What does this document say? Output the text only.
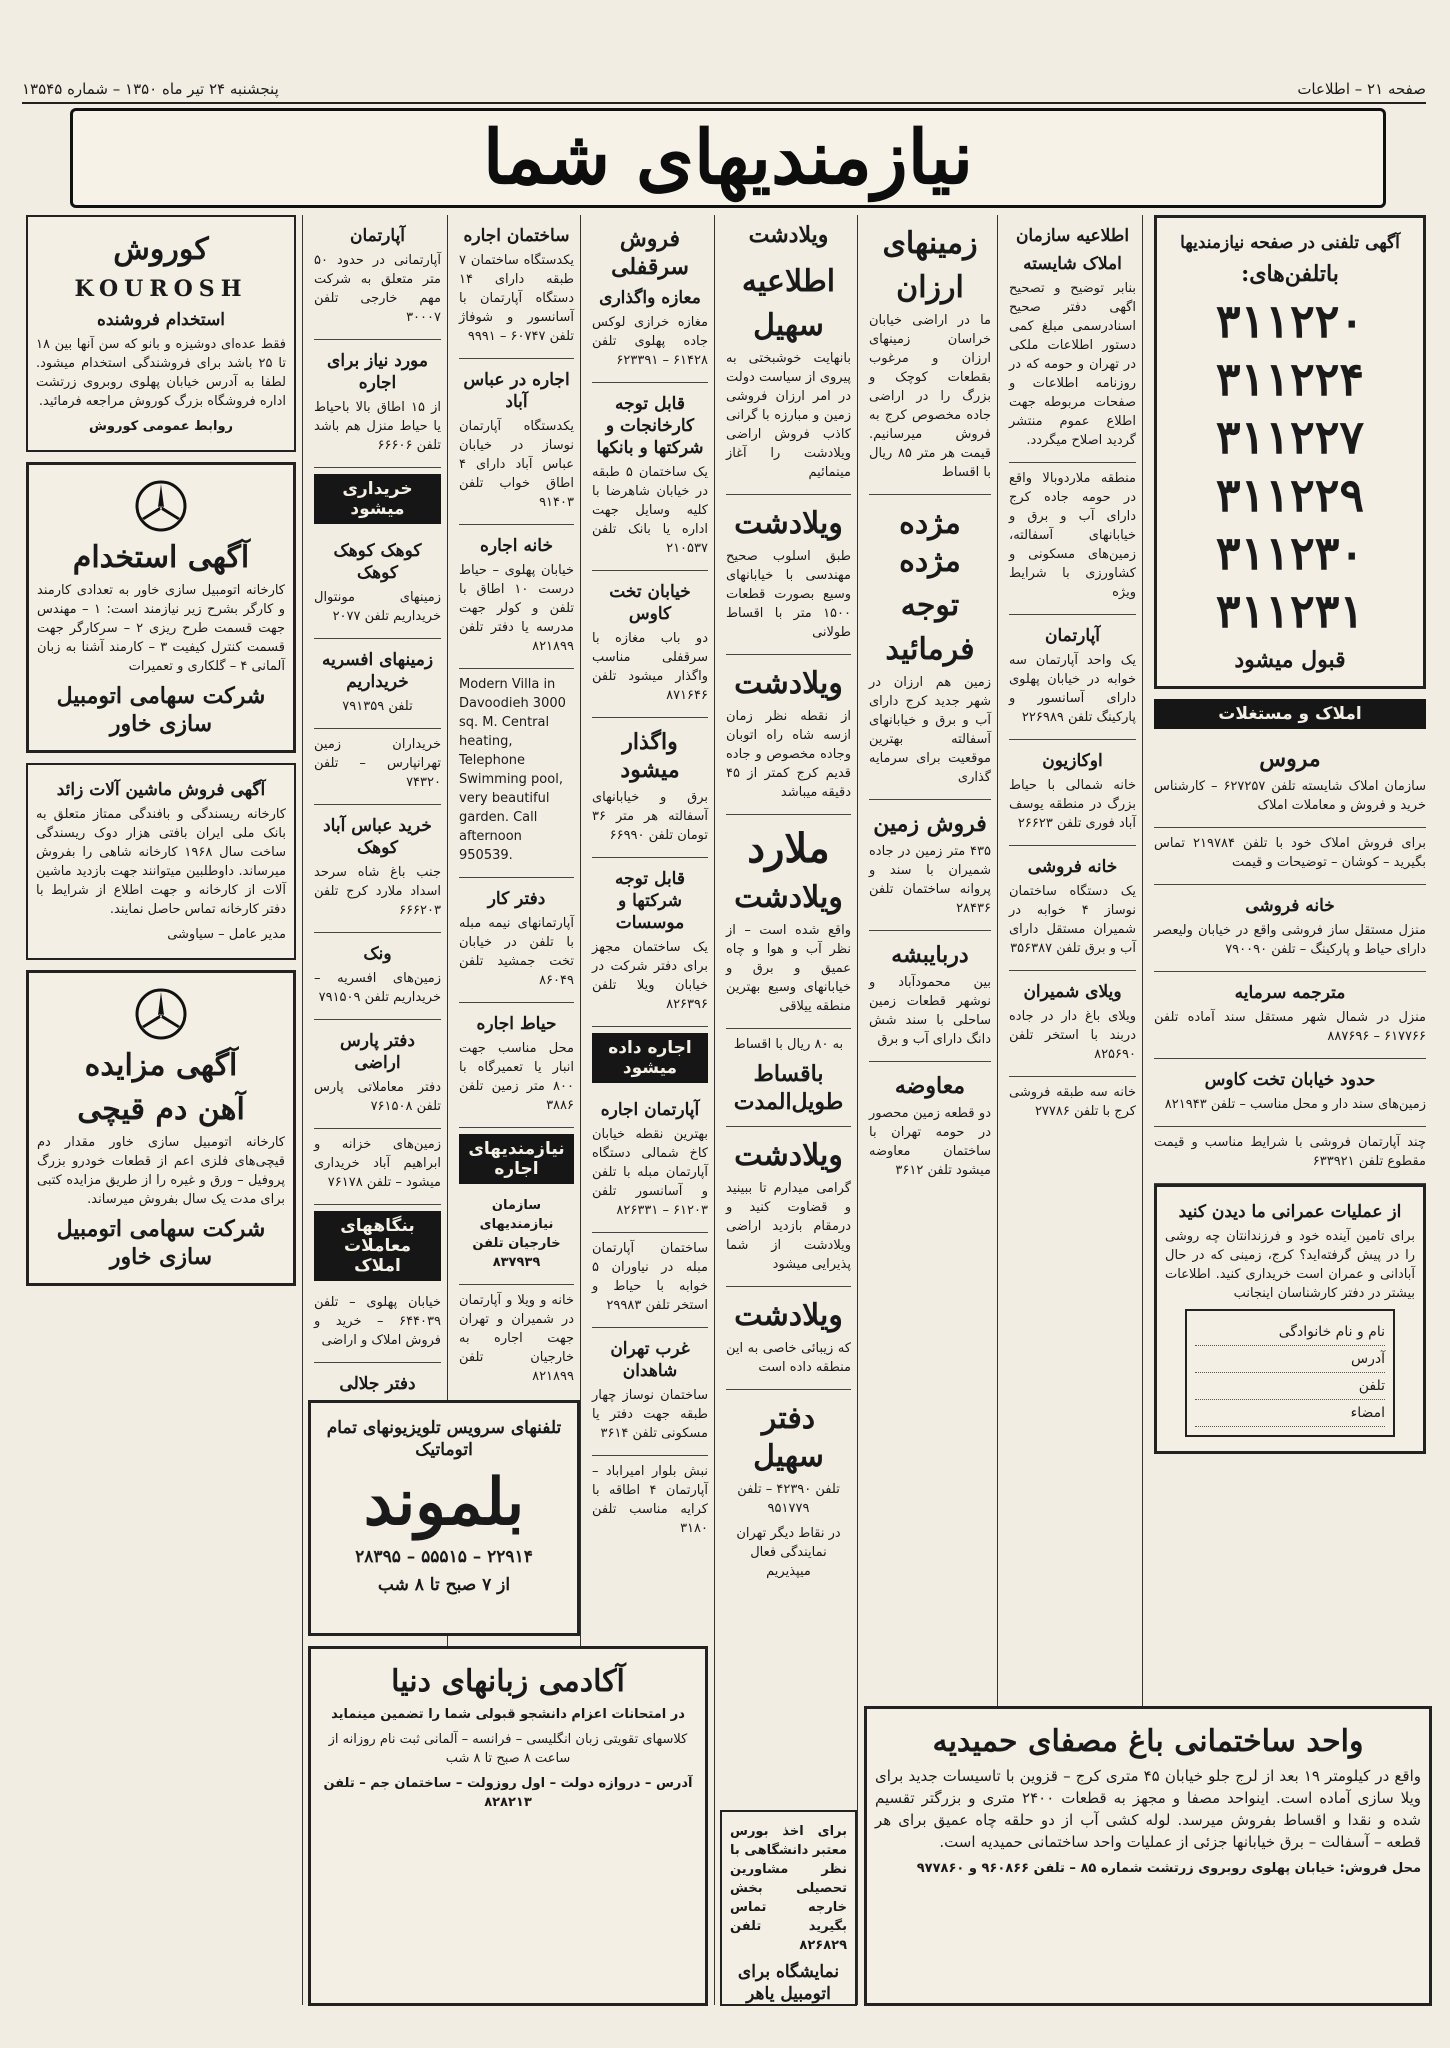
صفحه ۲۱ – اطلاعات
پنجشنبه ۲۴ تیر ماه ۱۳۵۰ – شماره ۱۳۵۴۵
نیازمندیهای شما
آگهی تلفنی در صفحه نیازمندیها
باتلفن‌های:
۳۱۱۲۲۰
۳۱۱۲۲۴
۳۱۱۲۲۷
۳۱۱۲۲۹
۳۱۱۲۳۰
۳۱۱۲۳۱
قبول میشود
املاک و مستغلات
مروس

سازمان املاک شایسته تلفن ۶۲۷۲۵۷ – کارشناس خرید و فروش و معاملات املاک

برای فروش املاک خود با تلفن ۲۱۹۷۸۴ تماس بگیرید – کوشان – توضیحات و قیمت

خانه فروشی

منزل مستقل ساز فروشی واقع در خیابان ولیعصر دارای حیاط و پارکینگ – تلفن ۷۹۰۰۹۰

مترجمه سرمایه

منزل در شمال شهر مستقل سند آماده تلفن ۶۱۷۷۶۶ – ۸۸۷۶۹۶

حدود خیابان تخت کاوس

زمین‌های سند دار و محل مناسب – تلفن ۸۲۱۹۴۳

چند آپارتمان فروشی با شرایط مناسب و قیمت مقطوع تلفن ۶۳۳۹۲۱

از عملیات عمرانی ما دیدن کنید

برای تامین آینده خود و فرزندانتان چه روشی را در پیش گرفته‌اید؟ کرج، زمینی که در حال آبادانی و عمران است خریداری کنید. اطلاعات بیشتر در دفتر کارشناسان اینجانب

نام و نام خانوادگی
آدرس
تلفن
امضاء
اطلاعیه سازمان
املاک شایسته

بنابر توضیح و تصحیح اگهی دفتر صحیح اسنادرسمی مبلغ کمی دستور اطلاعات ملکی در تهران و حومه که در روزنامه اطلاعات و صفحات مربوطه جهت اطلاع عموم منتشر گردید اصلاح میگردد.

منطقه ملاردوبالا واقع در حومه جاده کرج دارای آب و برق و خیابانهای آسفالته، زمین‌های مسکونی و کشاورزی با شرایط ویژه

آپارتمان

یک واحد آپارتمان سه خوابه در خیابان پهلوی دارای آسانسور و پارکینگ تلفن ۲۲۶۹۸۹

اوکازیون

خانه شمالی با حیاط بزرگ در منطقه یوسف آباد فوری تلفن ۲۶۶۲۳

خانه فروشی

یک دستگاه ساختمان نوساز ۴ خوابه در شمیران مستقل دارای آب و برق تلفن ۳۵۶۳۸۷

ویلای شمیران

ویلای باغ دار در جاده دربند با استخر تلفن ۸۲۵۶۹۰

خانه سه طبقه فروشی کرج با تلفن ۲۷۷۸۶

زمینهای
ارزان

ما در اراضی خیابان خراسان زمینهای ارزان و مرغوب بقطعات کوچک و بزرگ را در اراضی جاده مخصوص کرج به فروش میرسانیم. قیمت هر متر ۸۵ ریال با اقساط

مژده مژده
توجه
فرمائید

زمین هم ارزان در شهر جدید کرج دارای آب و برق و خیابانهای آسفالته بهترین موقعیت برای سرمایه گذاری

فروش زمین

۴۳۵ متر زمین در جاده شمیران با سند و پروانه ساختمان تلفن ۲۸۴۳۶

دربایبشه

بین محمودآباد و نوشهر قطعات زمین ساحلی با سند شش دانگ دارای آب و برق

معاوضه

دو قطعه زمین محصور در حومه تهران با ساختمان معاوضه میشود تلفن ۳۶۱۲

ویلادشت
اطلاعیه
سهیل

بانهایت خوشبختی به پیروی از سیاست دولت در امر ارزان فروشی زمین و مبارزه با گرانی کاذب فروش اراضی ویلادشت را آغاز مینمائیم

ویلادشت

طبق اسلوب صحیح مهندسی با خیابانهای وسیع بصورت قطعات ۱۵۰۰ متر با اقساط طولانی

ویلادشت

از نقطه نظر زمان ازسه شاه راه اتوبان وجاده مخصوص و جاده قدیم کرج کمتر از ۴۵ دقیقه میباشد

ملارد
ویلادشت

واقع شده است – از نظر آب و هوا و چاه عمیق و برق و خیابانهای وسیع بهترین منطقه ییلاقی

به ۸۰ ریال با اقساط

باقساط طویل‌المدت
ویلادشت

گرامی میدارم تا ببینید و قضاوت کنید و درمقام بازدید اراضی ویلادشت از شما پذیرایی میشود

ویلادشت

که زیبائی خاصی به این منطقه داده است

دفتر سهیل

تلفن ۴۲۳۹۰ – تلفن ۹۵۱۷۷۹

در نقاط دیگر تهران نمایندگی فعال میپذیریم

فروش سرقفلی
معازه واگذاری

مغازه خرازی لوکس جاده پهلوی تلفن ۶۱۴۲۸ – ۶۲۳۳۹۱

قابل توجه کارخانجات و شرکتها و بانکها

یک ساختمان ۵ طبقه در خیابان شاهرضا با کلیه وسایل جهت اداره یا بانک تلفن ۲۱۰۵۳۷

خیابان تخت کاوس

دو باب مغازه با سرقفلی مناسب واگذار میشود تلفن ۸۷۱۶۴۶

واگذار میشود

برق و خیابانهای آسفالته هر متر ۳۶ تومان تلفن ۶۶۹۹۰

قابل توجه شرکتها و موسسات

یک ساختمان مجهز برای دفتر شرکت در خیابان ویلا تلفن ۸۲۶۳۹۶

اجاره داده میشود
آپارتمان اجاره

بهترین نقطه خیابان کاخ شمالی دستگاه آپارتمان مبله با تلفن و آسانسور تلفن ۶۱۲۰۳ – ۸۲۶۳۳۱

ساختمان آپارتمان مبله در نیاوران ۵ خوابه با حیاط و استخر تلفن ۲۹۹۸۳

غرب تهران شاهدان

ساختمان نوساز چهار طبقه جهت دفتر یا مسکونی تلفن ۳۶۱۴

نبش بلوار امیراباد – آپارتمان ۴ اطاقه با کرایه مناسب تلفن ۳۱۸۰

ساختمان اجاره

یکدستگاه ساختمان ۷ طبقه دارای ۱۴ دستگاه آپارتمان با آسانسور و شوفاژ تلفن ۶۰۷۴۷ – ۹۹۹۱

اجاره در عباس آباد

یکدستگاه آپارتمان نوساز در خیابان عباس آباد دارای ۴ اطاق خواب تلفن ۹۱۴۰۳

خانه اجاره

خیابان پهلوی – حیاط درست ۱۰ اطاق با تلفن و کولر جهت مدرسه یا دفتر تلفن ۸۲۱۸۹۹

Modern Villa in Davoodieh 3000 sq. M. Central heating, Telephone Swimming pool, very beautiful garden. Call afternoon 950539.

دفتر کار

آپارتمانهای نیمه مبله با تلفن در خیابان تخت جمشید تلفن ۸۶۰۴۹

حیاط اجاره

محل مناسب جهت انبار یا تعمیرگاه با ۸۰۰ متر زمین تلفن ۳۸۸۶

نیازمندیهای اجاره

سازمان نیازمندیهای خارجیان تلفن ۸۳۷۹۳۹

خانه و ویلا و آپارتمان در شمیران و تهران جهت اجاره به خارجیان تلفن ۸۲۱۸۹۹

آپارتمان

آپارتمانی در حدود ۵۰ متر متعلق به شرکت مهم خارجی تلفن ۳۰۰۰۷

مورد نیاز برای اجاره

از ۱۵ اطاق بالا باحیاط یا حیاط منزل هم باشد تلفن ۶۶۶۰۶

خریداری میشود
کوهک کوهک کوهک

زمینهای مونتوال خریداریم تلفن ۲۰۷۷

زمینهای افسریه خریداریم

تلفن ۷۹۱۳۵۹

خریداران زمین تهرانپارس – تلفن ۷۴۳۲۰

خرید عباس آباد کوهک

جنب باغ شاه سرحد اسداد ملارد کرج تلفن ۶۶۶۲۰۳

ونک

زمین‌های افسریه – خریداریم تلفن ۷۹۱۵۰۹

دفتر پارس اراضی

دفتر معاملاتی پارس تلفن ۷۶۱۵۰۸

زمین‌های خزانه و ابراهیم آباد خریداری میشود – تلفن ۷۶۱۷۸

بنگاههای معاملات املاک

خیابان پهلوی – تلفن ۶۴۴۰۳۹ – خرید و فروش املاک و اراضی

دفتر جلالی

کوروش
KOUROSH
استخدام فروشنده

فقط عده‌ای دوشیزه و بانو که سن آنها بین ۱۸ تا ۲۵ باشد برای فروشندگی استخدام میشود. لطفا به آدرس خیابان پهلوی روبروی زرتشت اداره فروشگاه بزرگ کوروش مراجعه فرمائید.

روابط عمومی کوروش

آگهی استخدام

کارخانه اتومبیل سازی خاور به تعدادی کارمند و کارگر بشرح زیر نیازمند است: ۱ – مهندس جهت قسمت طرح ریزی ۲ – سرکارگر جهت قسمت کنترل کیفیت ۳ – کارمند آشنا به زبان آلمانی ۴ – گلکاری و تعمیرات

شرکت سهامی اتومبیل سازی خاور
آگهی فروش ماشین آلات زائد

کارخانه ریسندگی و بافندگی ممتاز متعلق به بانک ملی ایران بافتی هزار دوک ریسندگی ساخت سال ۱۹۶۸ کارخانه شاهی را بفروش میرساند. داوطلبین میتوانند جهت بازدید ماشین آلات از کارخانه و جهت اطلاع از شرایط با دفتر کارخانه تماس حاصل نمایند.

مدیر عامل – سیاوشی

آگهی مزایده
آهن دم قیچی

کارخانه اتومبیل سازی خاور مقدار دم قیچی‌های فلزی اعم از قطعات خودرو بزرگ پروفیل – ورق و غیره را از طریق مزایده کتبی برای مدت یک سال بفروش میرساند.

شرکت سهامی اتومبیل سازی خاور
تلفنهای سرویس تلویزیونهای تمام اتوماتیک
بلموند
۲۲۹۱۴ – ۵۵۵۱۵ – ۲۸۳۹۵
از ۷ صبح تا ۸ شب
آکادمی زبانهای دنیا

در امتحانات اعزام دانشجو قبولی شما را تضمین مینماید

کلاسهای تقویتی زبان انگلیسی – فرانسه – آلمانی ثبت نام روزانه از ساعت ۸ صبح تا ۸ شب

آدرس – دروازه دولت – اول روزولت – ساختمان جم – تلفن ۸۲۸۲۱۳

برای اخذ بورس معتبر دانشگاهی با نظر مشاورین تحصیلی بخش خارجه تماس بگیرید تلفن ۸۲۶۸۲۹

نمایشگاه برای اتومبیل یاهر

واحد ساختمانی باغ مصفای حمیدیه

واقع در کیلومتر ۱۹ بعد از لرج جلو خیابان ۴۵ متری کرج – قزوین با تاسیسات جدید برای ویلا سازی آماده است. اینواحد مصفا و مجهز به قطعات ۲۴۰۰ متری و بزرگتر تقسیم شده و نقدا و اقساط بفروش میرسد. لوله کشی آب از دو حلقه چاه عمیق برای هر قطعه – آسفالت – برق خیابانها جزئی از عملیات واحد ساختمانی حمیدیه است.

محل فروش: خیابان پهلوی روبروی زرتشت شماره ۸۵ – تلفن ۹۶۰۸۶۶ و ۹۷۷۸۶۰
